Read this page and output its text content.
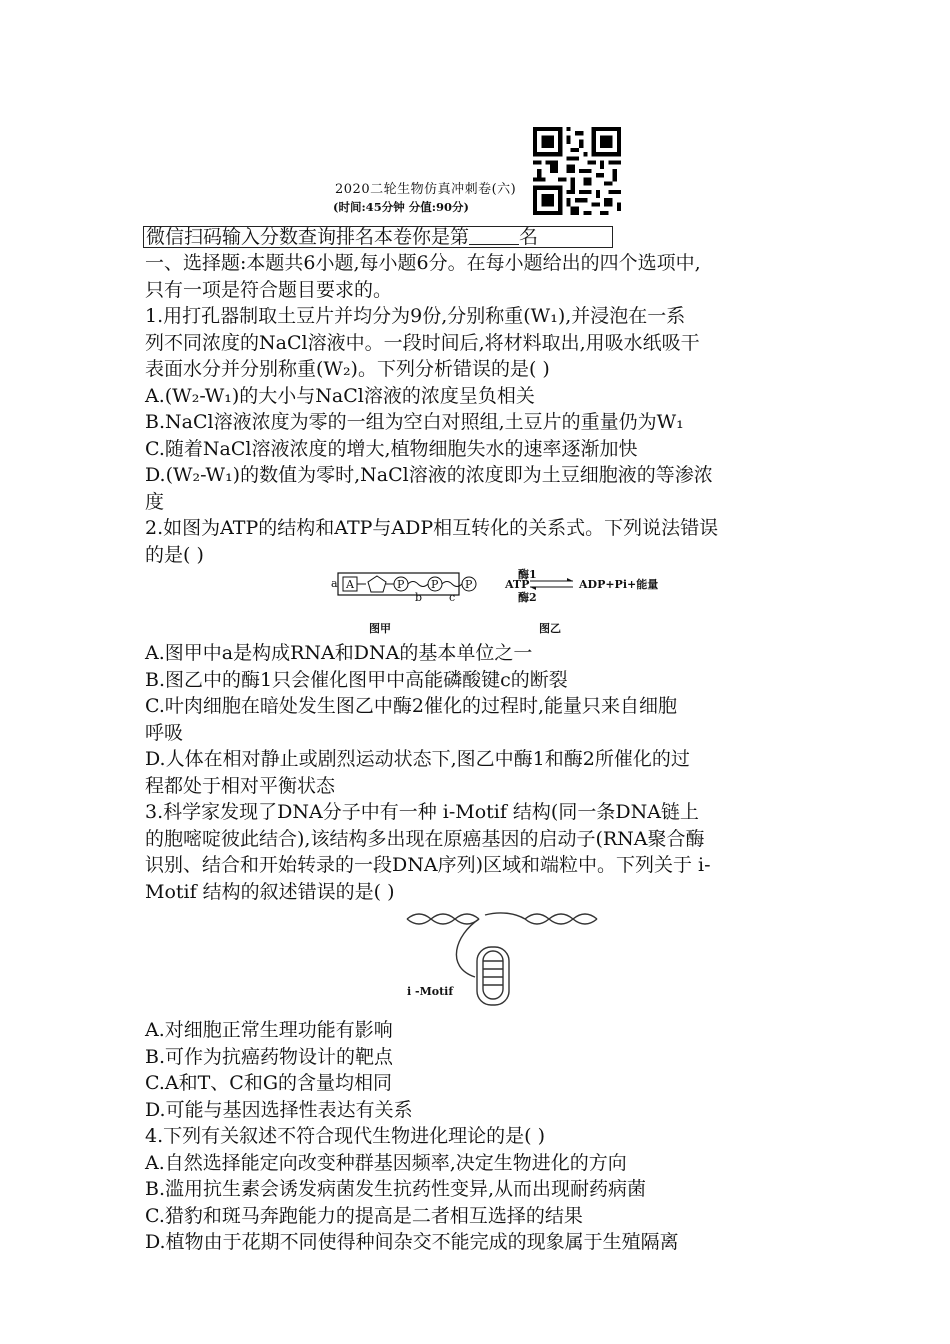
2020二轮生物仿真冲刺卷(六)
(时间:45分钟 分值:90分)
微信扫码输入分数查询排名本卷你是第	名

一、选择题:本题共6小题,每小题6分。在每小题给出的四个选项中,

只有一项是符合题目要求的。

1.用打孔器制取土豆片并均分为9份,分别称重(W₁),并浸泡在一系

列不同浓度的NaCl溶液中。一段时间后,将材料取出,用吸水纸吸干

表面水分并分别称重(W₂)。下列分析错误的是( )

A.(W₂-W₁)的大小与NaCl溶液的浓度呈负相关

B.NaCl溶液浓度为零的一组为空白对照组,土豆片的重量仍为W₁

C.随着NaCl溶液浓度的增大,植物细胞失水的速率逐渐加快

D.(W₂-W₁)的数值为零时,NaCl溶液的浓度即为土豆细胞液的等渗浓

度

2.如图为ATP的结构和ATP与ADP相互转化的关系式。下列说法错误

的是( )

a A	P P P
b c
ATP
酶1
酶2
ADP+Pi+能量
图甲	图乙

A.图甲中a是构成RNA和DNA的基本单位之一

B.图乙中的酶1只会催化图甲中高能磷酸键c的断裂

C.叶肉细胞在暗处发生图乙中酶2催化的过程时,能量只来自细胞

呼吸

D.人体在相对静止或剧烈运动状态下,图乙中酶1和酶2所催化的过

程都处于相对平衡状态

3.科学家发现了DNA分子中有一种 i-Motif 结构(同一条DNA链上

的胞嘧啶彼此结合),该结构多出现在原癌基因的启动子(RNA聚合酶

识别、结合和开始转录的一段DNA序列)区域和端粒中。下列关于 i-

Motif 结构的叙述错误的是( )

i -Motif

A.对细胞正常生理功能有影响

B.可作为抗癌药物设计的靶点

C.A和T、C和G的含量均相同

D.可能与基因选择性表达有关系

4.下列有关叙述不符合现代生物进化理论的是( )

A.自然选择能定向改变种群基因频率,决定生物进化的方向

B.滥用抗生素会诱发病菌发生抗药性变异,从而出现耐药病菌

C.猎豹和斑马奔跑能力的提高是二者相互选择的结果

D.植物由于花期不同使得种间杂交不能完成的现象属于生殖隔离
